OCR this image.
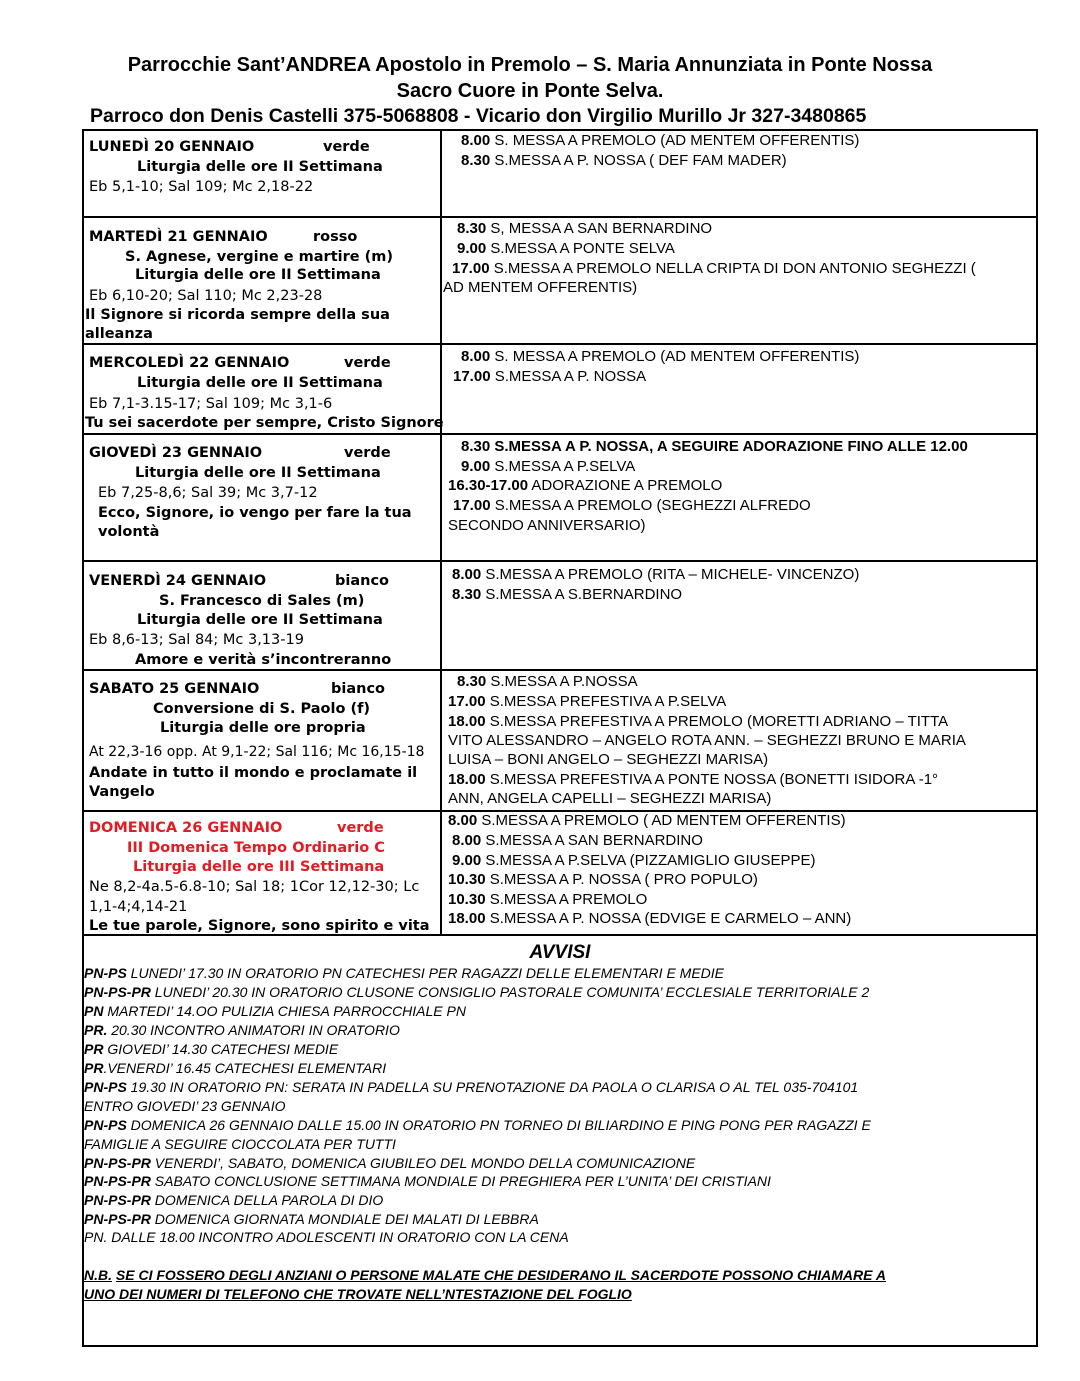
Parrocchie Sant’ANDREA Apostolo in Premolo – S. Maria Annunziata in Ponte Nossa
Sacro Cuore in Ponte Selva.
Parroco don Denis Castelli 375-5068808 - Vicario don Virgilio Murillo Jr 327-3480865
LUNEDÌ 20 GENNAIO	verde
Liturgia delle ore II Settimana
Eb 5,1-10; Sal 109; Mc 2,18-22
8.00 S. MESSA A PREMOLO (AD MENTEM OFFERENTIS)
8.30 S.MESSA A P. NOSSA ( DEF FAM MADER)
MARTEDÌ 21 GENNAIO	rosso
S. Agnese, vergine e martire (m)
Liturgia delle ore II Settimana
Eb 6,10-20; Sal 110; Mc 2,23-28
Il Signore si ricorda sempre della sua
alleanza
8.30 S, MESSA A SAN BERNARDINO
9.00 S.MESSA A PONTE SELVA
17.00 S.MESSA A PREMOLO NELLA CRIPTA DI DON ANTONIO SEGHEZZI (
AD MENTEM OFFERENTIS)
MERCOLEDÌ 22 GENNAIO	verde
Liturgia delle ore II Settimana
Eb 7,1-3.15-17; Sal 109; Mc 3,1-6
Tu sei sacerdote per sempre, Cristo Signore
8.00 S. MESSA A PREMOLO (AD MENTEM OFFERENTIS)
17.00 S.MESSA A P. NOSSA
GIOVEDÌ 23 GENNAIO	verde
Liturgia delle ore II Settimana
Eb 7,25-8,6; Sal 39; Mc 3,7-12
Ecco, Signore, io vengo per fare la tua
volontà
8.30 S.MESSA A P. NOSSA, A SEGUIRE ADORAZIONE FINO ALLE 12.00
9.00 S.MESSA A P.SELVA
16.30-17.00 ADORAZIONE A PREMOLO
17.00 S.MESSA A PREMOLO (SEGHEZZI ALFREDO
SECONDO ANNIVERSARIO)
VENERDÌ 24 GENNAIO	bianco
S. Francesco di Sales (m)
Liturgia delle ore II Settimana
Eb 8,6-13; Sal 84; Mc 3,13-19
Amore e verità s’incontreranno
8.00 S.MESSA A PREMOLO (RITA – MICHELE- VINCENZO)
8.30 S.MESSA A S.BERNARDINO
SABATO 25 GENNAIO	bianco
Conversione di S. Paolo (f)
Liturgia delle ore propria
At 22,3-16 opp. At 9,1-22; Sal 116; Mc 16,15-18
Andate in tutto il mondo e proclamate il
Vangelo
8.30 S.MESSA A P.NOSSA
17.00 S.MESSA PREFESTIVA A P.SELVA
18.00 S.MESSA PREFESTIVA A PREMOLO (MORETTI ADRIANO – TITTA
VITO ALESSANDRO – ANGELO ROTA ANN. – SEGHEZZI BRUNO E MARIA
LUISA – BONI ANGELO – SEGHEZZI MARISA)
18.00 S.MESSA PREFESTIVA A PONTE NOSSA (BONETTI ISIDORA -1°
ANN, ANGELA CAPELLI – SEGHEZZI MARISA)
DOMENICA 26 GENNAIO	verde
III Domenica Tempo Ordinario C
Liturgia delle ore III Settimana
Ne 8,2-4a.5-6.8-10; Sal 18; 1Cor 12,12-30; Lc
1,1-4;4,14-21
Le tue parole, Signore, sono spirito e vita
8.00 S.MESSA A PREMOLO ( AD MENTEM OFFERENTIS)
8.00 S.MESSA A SAN BERNARDINO
9.00 S.MESSA A P.SELVA (PIZZAMIGLIO GIUSEPPE)
10.30 S.MESSA A P. NOSSA ( PRO POPULO)
10.30 S.MESSA A PREMOLO
18.00 S.MESSA A P. NOSSA (EDVIGE E CARMELO – ANN)
AVVISI
PN-PS LUNEDI’ 17.30 IN ORATORIO PN CATECHESI PER RAGAZZI DELLE ELEMENTARI E MEDIE
PN-PS-PR LUNEDI’ 20.30 IN ORATORIO CLUSONE CONSIGLIO PASTORALE COMUNITA’ ECCLESIALE TERRITORIALE 2
PN MARTEDI’ 14.OO PULIZIA CHIESA PARROCCHIALE PN
PR. 20.30 INCONTRO ANIMATORI IN ORATORIO
PR GIOVEDI’ 14.30 CATECHESI MEDIE
PR.VENERDI’ 16.45 CATECHESI ELEMENTARI
PN-PS 19.30 IN ORATORIO PN: SERATA IN PADELLA SU PRENOTAZIONE DA PAOLA O CLARISA O AL TEL 035-704101
ENTRO GIOVEDI’ 23 GENNAIO
PN-PS DOMENICA 26 GENNAIO DALLE 15.00 IN ORATORIO PN TORNEO DI BILIARDINO E PING PONG PER RAGAZZI E
FAMIGLIE A SEGUIRE CIOCCOLATA PER TUTTI
PN-PS-PR VENERDI’, SABATO, DOMENICA GIUBILEO DEL MONDO DELLA COMUNICAZIONE
PN-PS-PR SABATO CONCLUSIONE SETTIMANA MONDIALE DI PREGHIERA PER L’UNITA’ DEI CRISTIANI
PN-PS-PR DOMENICA DELLA PAROLA DI DIO
PN-PS-PR DOMENICA GIORNATA MONDIALE DEI MALATI DI LEBBRA
PN. DALLE 18.00 INCONTRO ADOLESCENTI IN ORATORIO CON LA CENA
N.B. SE CI FOSSERO DEGLI ANZIANI O PERSONE MALATE CHE DESIDERANO IL SACERDOTE POSSONO CHIAMARE A
UNO DEI NUMERI DI TELEFONO CHE TROVATE NELL’NTESTAZIONE DEL FOGLIO
